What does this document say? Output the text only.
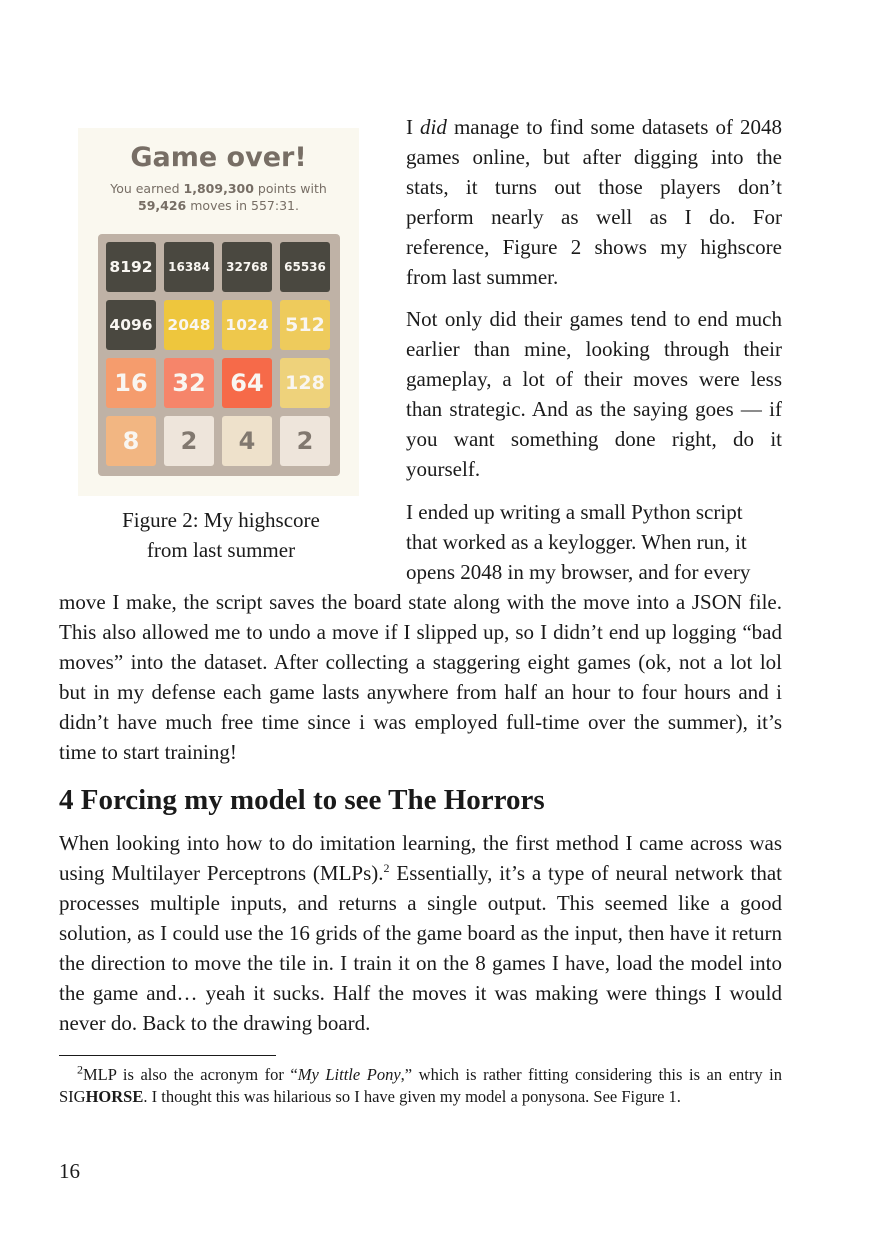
Game over!
You earned 1,809,300 points with
59,426 moves in 557:31.
8192	16384	32768	65536
4096 2048 1024 512
16	32	64	128
8	2	4	2
Figure 2: My highscore
from last summer

I did manage to find some datasets of 2048 games online, but after digging into the stats, it turns out those players don’t perform nearly as well as I do. For reference, Figure 2 shows my highscore from last summer.

Not only did their games tend to end much earlier than mine, looking through their gameplay, a lot of their moves were less than strategic. And as the saying goes — if you want something done right, do it yourself.

I ended up writing a small Python script
that worked as a keylogger. When run, it
opens 2048 in my browser, and for every

move I make, the script saves the board state along with the move into a JSON file. This also allowed me to undo a move if I slipped up, so I didn’t end up logging “bad moves” into the dataset. After collecting a staggering eight games (ok, not a lot lol but in my defense each game lasts anywhere from half an hour to four hours and i didn’t have much free time since i was employed full-time over the summer), it’s time to start training!

4 Forcing my model to see The Horrors

When looking into how to do imitation learning, the first method I came across was using Multilayer Perceptrons (MLPs).$^2$ Essentially, it’s a type of neural network that processes multiple inputs, and returns a single output. This seemed like a good solution, as I could use the 16 grids of the game board as the input, then have it return the direction to move the tile in. I train it on the 8 games I have, load the model into the game and… yeah it sucks. Half the moves it was making were things I would never do. Back to the drawing board.

$^2$MLP is also the acronym for “My Little Pony,” which is rather fitting considering this is an entry in SIGHORSE. I thought this was hilarious so I have given my model a ponysona. See Figure 1.
16
